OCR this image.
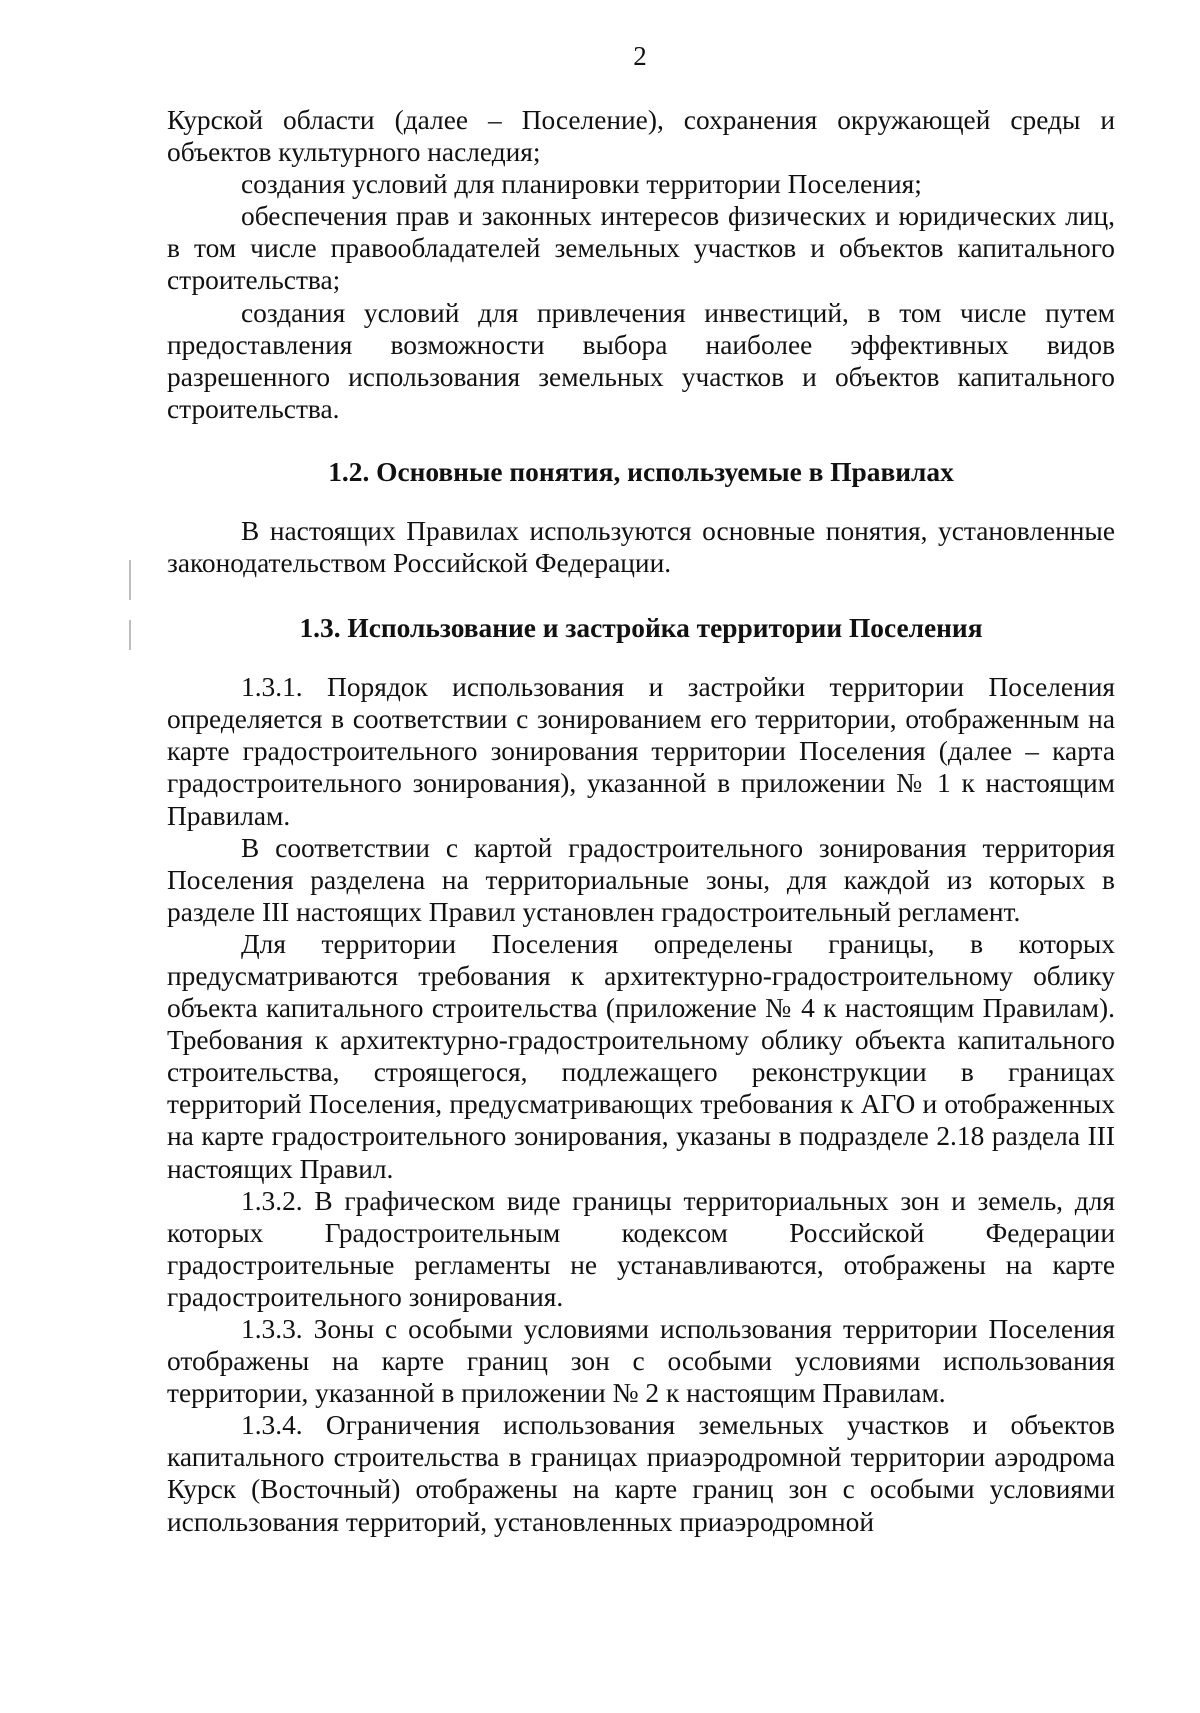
2

Курской области (далее – Поселение), сохранения окружающей среды и объектов культурного наследия;

создания условий для планировки территории Поселения;

обеспечения прав и законных интересов физических и юридических лиц, в том числе правообладателей земельных участков и объектов капитального строительства;

создания условий для привлечения инвестиций, в том числе путем предоставления возможности выбора наиболее эффективных видов разрешенного использования земельных участков и объектов капитального строительства.

1.2. Основные понятия, используемые в Правилах

В настоящих Правилах используются основные понятия, установленные законодательством Российской Федерации.

1.3. Использование и застройка территории Поселения

1.3.1. Порядок использования и застройки территории Поселения определяется в соответствии с зонированием его территории, отображенным на карте градостроительного зонирования территории Поселения (далее – карта градостроительного зонирования), указанной в приложении № 1 к настоящим Правилам.

В соответствии с картой градостроительного зонирования территория Поселения разделена на территориальные зоны, для каждой из которых в разделе III настоящих Правил установлен градостроительный регламент.

Для территории Поселения определены границы, в которых предусматриваются требования к архитектурно-градостроительному облику объекта капитального строительства (приложение № 4 к настоящим Правилам). Требования к архитектурно-градостроительному облику объекта капитального строительства, строящегося, подлежащего реконструкции в границах территорий Поселения, предусматривающих требования к АГО и отображенных на карте градостроительного зонирования, указаны в подразделе 2.18 раздела III настоящих Правил.

1.3.2. В графическом виде границы территориальных зон и земель, для которых Градостроительным кодексом Российской Федерации градостроительные регламенты не устанавливаются, отображены на карте градостроительного зонирования.

1.3.3. Зоны с особыми условиями использования территории Поселения отображены на карте границ зон с особыми условиями использования территории, указанной в приложении № 2 к настоящим Правилам.

1.3.4. Ограничения использования земельных участков и объектов капитального строительства в границах приаэродромной территории аэродрома Курск (Восточный) отображены на карте границ зон с особыми условиями использования территорий, установленных приаэродромной
